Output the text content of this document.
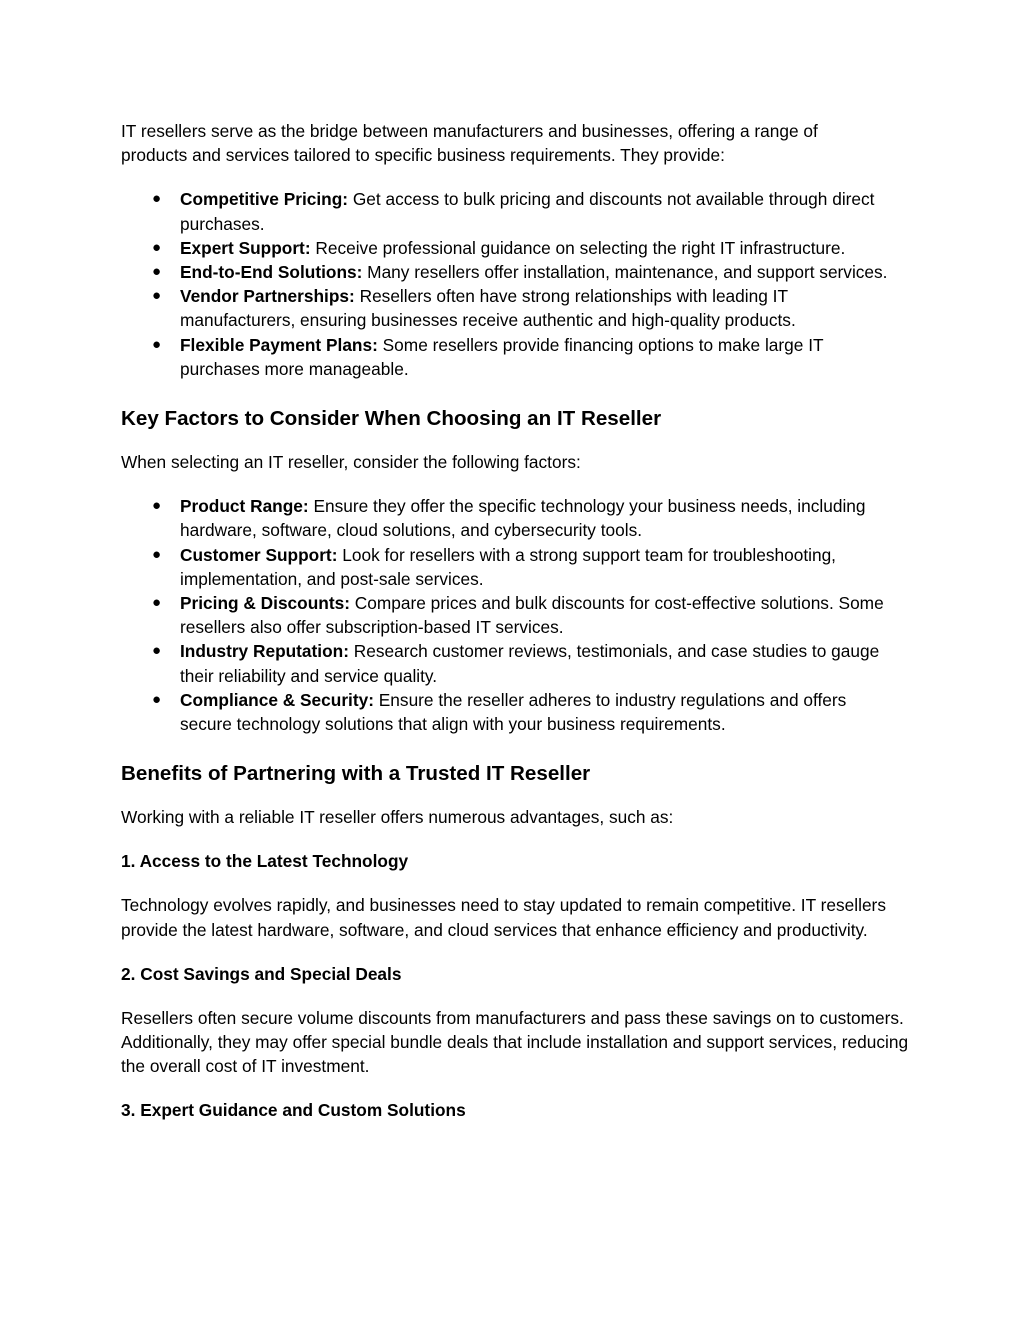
IT resellers serve as the bridge between manufacturers and businesses, offering a range of
products and services tailored to specific business requirements. They provide:

● Competitive Pricing: Get access to bulk pricing and discounts not available through direct purchases.
● Expert Support: Receive professional guidance on selecting the right IT infrastructure.
● End-to-End Solutions: Many resellers offer installation, maintenance, and support services.
● Vendor Partnerships: Resellers often have strong relationships with leading IT manufacturers, ensuring businesses receive authentic and high-quality products.
● Flexible Payment Plans: Some resellers provide financing options to make large IT purchases more manageable.
Key Factors to Consider When Choosing an IT Reseller

When selecting an IT reseller, consider the following factors:

● Product Range: Ensure they offer the specific technology your business needs, including hardware, software, cloud solutions, and cybersecurity tools.
● Customer Support: Look for resellers with a strong support team for troubleshooting, implementation, and post-sale services.
● Pricing & Discounts: Compare prices and bulk discounts for cost-effective solutions. Some resellers also offer subscription-based IT services.
● Industry Reputation: Research customer reviews, testimonials, and case studies to gauge their reliability and service quality.
● Compliance & Security: Ensure the reseller adheres to industry regulations and offers secure technology solutions that align with your business requirements.
Benefits of Partnering with a Trusted IT Reseller

Working with a reliable IT reseller offers numerous advantages, such as:

1. Access to the Latest Technology

Technology evolves rapidly, and businesses need to stay updated to remain competitive. IT resellers provide the latest hardware, software, and cloud services that enhance efficiency and productivity.

2. Cost Savings and Special Deals

Resellers often secure volume discounts from manufacturers and pass these savings on to customers. Additionally, they may offer special bundle deals that include installation and support services, reducing the overall cost of IT investment.

3. Expert Guidance and Custom Solutions
